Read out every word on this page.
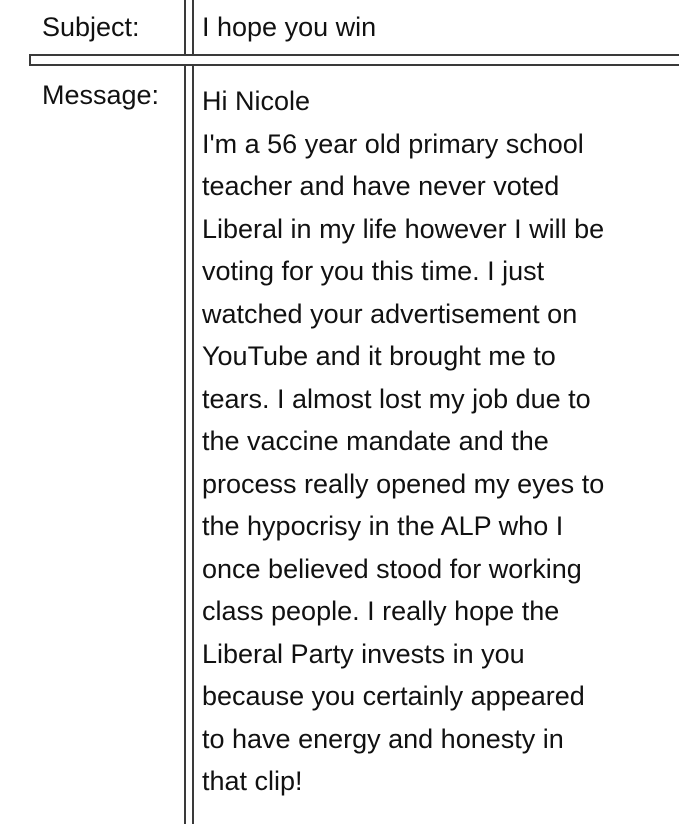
Subject: I hope you win
Message: Hi Nicole
I'm a 56 year old primary school
teacher and have never voted
Liberal in my life however I will be
voting for you this time. I just
watched your advertisement on
YouTube and it brought me to
tears. I almost lost my job due to
the vaccine mandate and the
process really opened my eyes to
the hypocrisy in the ALP who I
once believed stood for working
class people. I really hope the
Liberal Party invests in you
because you certainly appeared
to have energy and honesty in
that clip!
